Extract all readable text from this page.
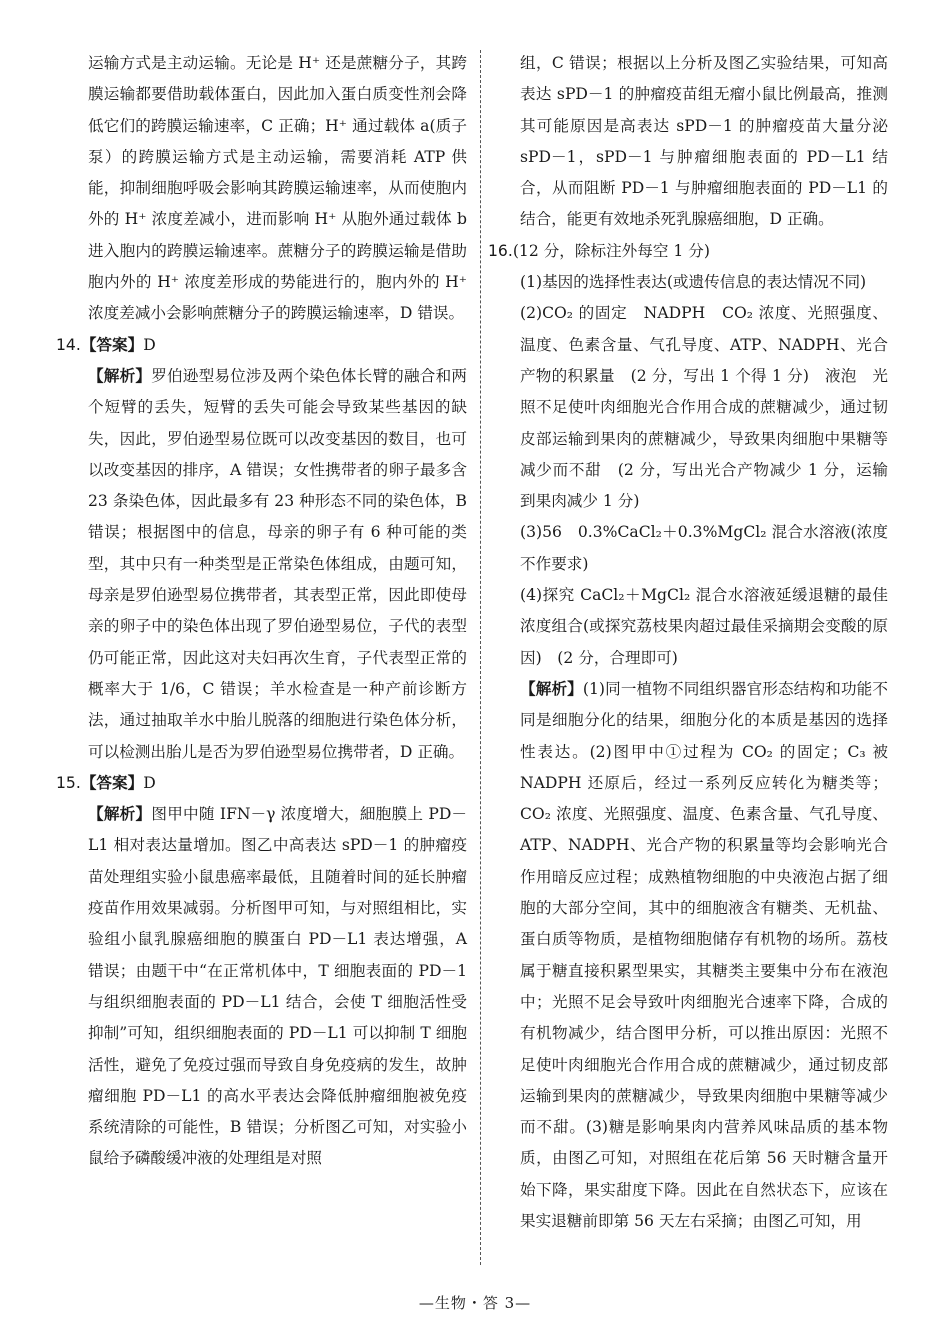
运输方式是主动运输。无论是 H⁺ 还是蔗糖分子，其跨膜运输都要借助载体蛋白，因此加入蛋白质变性剂会降低它们的跨膜运输速率，C 正确；H⁺ 通过载体 a(质子泵）的跨膜运输方式是主动运输，需要消耗 ATP 供能，抑制细胞呼吸会影响其跨膜运输速率，从而使胞内外的 H⁺ 浓度差减小，进而影响 H⁺ 从胞外通过载体 b 进入胞内的跨膜运输速率。蔗糖分子的跨膜运输是借助胞内外的 H⁺ 浓度差形成的势能进行的，胞内外的 H⁺ 浓度差减小会影响蔗糖分子的跨膜运输速率，D 错误。
14.【答案】D
【解析】罗伯逊型易位涉及两个染色体长臂的融合和两个短臂的丢失，短臂的丢失可能会导致某些基因的缺失，因此，罗伯逊型易位既可以改变基因的数目，也可以改变基因的排序，A 错误；女性携带者的卵子最多含 23 条染色体，因此最多有 23 种形态不同的染色体，B 错误；根据图中的信息，母亲的卵子有 6 种可能的类型，其中只有一种类型是正常染色体组成，由题可知，母亲是罗伯逊型易位携带者，其表型正常，因此即使母亲的卵子中的染色体出现了罗伯逊型易位，子代的表型仍可能正常，因此这对夫妇再次生育，子代表型正常的概率大于 1/6，C 错误；羊水检查是一种产前诊断方法，通过抽取羊水中胎儿脱落的细胞进行染色体分析，可以检测出胎儿是否为罗伯逊型易位携带者，D 正确。
15.【答案】D
【解析】图甲中随 IFN－γ 浓度增大，細胞膜上 PD－L1 相对表达量增加。图乙中高表达 sPD－1 的肿瘤疫苗处理组实验小鼠患癌率最低，且随着时间的延长肿瘤疫苗作用效果减弱。分析图甲可知，与对照组相比，实验组小鼠乳腺癌细胞的膜蛋白 PD－L1 表达增强，A 错误；由题干中“在正常机体中，T 细胞表面的 PD－1 与组织细胞表面的 PD－L1 结合，会使 T 细胞活性受抑制”可知，组织细胞表面的 PD－L1 可以抑制 T 细胞活性，避免了免疫过强而导致自身免疫病的发生，故肿瘤细胞 PD－L1 的高水平表达会降低肿瘤细胞被免疫系统清除的可能性，B 错误；分析图乙可知，对实验小鼠给予磷酸缓冲液的处理组是对照
组，C 错误；根据以上分析及图乙实验结果，可知高表达 sPD－1 的肿瘤疫苗组无瘤小鼠比例最高，推测其可能原因是高表达 sPD－1 的肿瘤疫苗大量分泌 sPD－1，sPD－1 与肿瘤细胞表面的 PD－L1 结合，从而阻断 PD－1 与肿瘤细胞表面的 PD－L1 的结合，能更有效地杀死乳腺癌细胞，D 正确。
16.(12 分，除标注外每空 1 分)
(1)基因的选择性表达(或遗传信息的表达情况不同)
(2)CO₂ 的固定　NADPH　CO₂ 浓度、光照强度、温度、色素含量、气孔导度、ATP、NADPH、光合产物的积累量　(2 分，写出 1 个得 1 分)　液泡　光照不足使叶肉细胞光合作用合成的蔗糖减少，通过韧皮部运输到果肉的蔗糖减少，导致果肉细胞中果糖等减少而不甜　(2 分，写出光合产物减少 1 分，运输到果肉减少 1 分)
(3)56　0.3%CaCl₂＋0.3%MgCl₂ 混合水溶液(浓度不作要求)
(4)探究 CaCl₂＋MgCl₂ 混合水溶液延缓退糖的最佳浓度组合(或探究荔枝果肉超过最佳采摘期会变酸的原因)　(2 分，合理即可)
【解析】(1)同一植物不同组织器官形态结构和功能不同是细胞分化的结果，细胞分化的本质是基因的选择性表达。(2)图甲中①过程为 CO₂ 的固定；C₃ 被 NADPH 还原后，经过一系列反应转化为糖类等；CO₂ 浓度、光照强度、温度、色素含量、气孔导度、ATP、NADPH、光合产物的积累量等均会影响光合作用暗反应过程；成熟植物细胞的中央液泡占据了细胞的大部分空间，其中的细胞液含有糖类、无机盐、蛋白质等物质，是植物细胞储存有机物的场所。荔枝属于糖直接积累型果实，其糖类主要集中分布在液泡中；光照不足会导致叶肉细胞光合速率下降，合成的有机物减少，结合图甲分析，可以推出原因：光照不足使叶肉细胞光合作用合成的蔗糖减少，通过韧皮部运输到果肉的蔗糖减少，导致果肉细胞中果糖等减少而不甜。(3)糖是影响果肉内营养风味品质的基本物质，由图乙可知，对照组在花后第 56 天时糖含量开始下降，果实甜度下降。因此在自然状态下，应该在果实退糖前即第 56 天左右采摘；由图乙可知，用
—生物・答 3—
